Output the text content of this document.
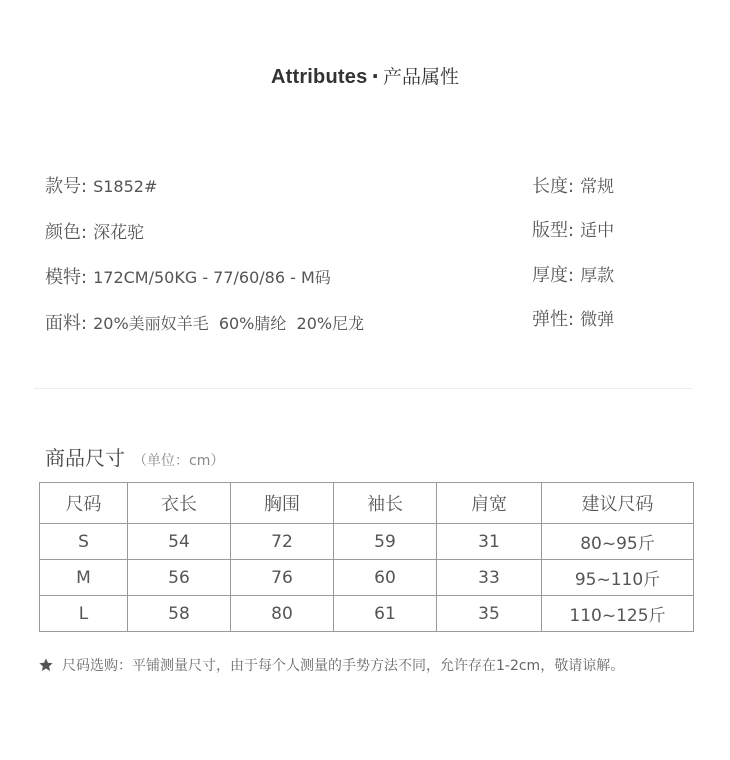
Attributes · 产品属性
款号: S1852#
颜色: 深花驼
模特: 172CM/50KG - 77/60/86 - M码
面料: 20%美丽奴羊毛  60%腈纶  20%尼龙
长度: 常规
版型: 适中
厚度: 厚款
弹性: 微弹
商品尺寸 （单位：cm）
尺码	衣长	胸围	袖长	肩宽	建议尺码
S	54	72	59	31	80~95斤
M	56	76	60	33	95~110斤
L	58	80	61	35	110~125斤
尺码选购：平铺测量尺寸，由于每个人测量的手势方法不同，允许存在1-2cm，敬请谅解。
